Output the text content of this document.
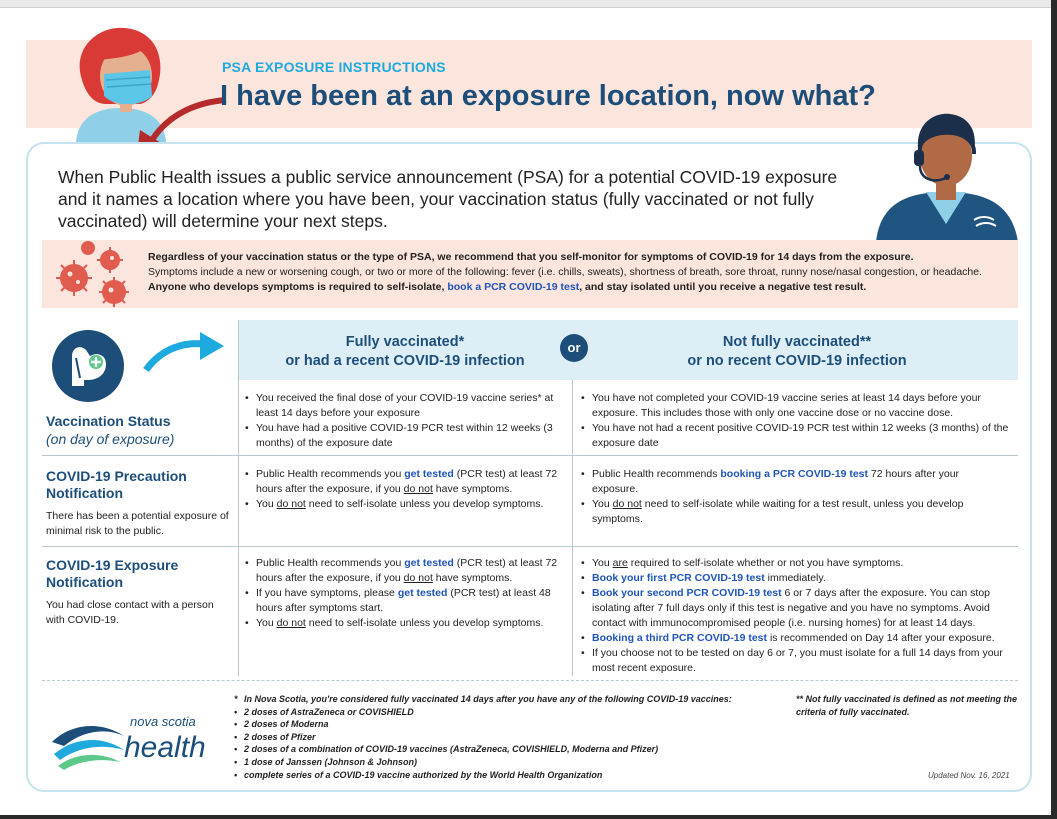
PSA EXPOSURE INSTRUCTIONS
I have been at an exposure location, now what?
When Public Health issues a public service announcement (PSA) for a potential COVID-19 exposure and it names a location where you have been, your vaccination status (fully vaccinated or not fully vaccinated) will determine your next steps.
Regardless of your vaccination status or the type of PSA, we recommend that you self-monitor for symptoms of COVID-19 for 14 days from the exposure.
Symptoms include a new or worsening cough, or two or more of the following: fever (i.e. chills, sweats), shortness of breath, sore throat, runny nose/nasal congestion, or headache. Anyone who develops symptoms is required to self-isolate, book a PCR COVID-19 test, and stay isolated until you receive a negative test result.
Vaccination Status
(on day of exposure)
Fully vaccinated*
or had a recent COVID-19 infection
Not fully vaccinated**
or no recent COVID-19 infection
or
• You received the final dose of your COVID-19 vaccine series* at least 14 days before your exposure
• You have had a positive COVID-19 PCR test within 12 weeks (3 months) of the exposure date
• You have not completed your COVID-19 vaccine series at least 14 days before your exposure. This includes those with only one vaccine dose or no vaccine dose.
• You have not had a recent positive COVID-19 PCR test within 12 weeks (3 months) of the exposure date
COVID-19 Precaution Notification
There has been a potential exposure of minimal risk to the public.
• Public Health recommends you get tested (PCR test) at least 72 hours after the exposure, if you do not have symptoms.
• You do not need to self-isolate unless you develop symptoms.
• Public Health recommends booking a PCR COVID-19 test 72 hours after your exposure.
• You do not need to self-isolate while waiting for a test result, unless you develop symptoms.
COVID-19 Exposure Notification
You had close contact with a person with COVID-19.
• Public Health recommends you get tested (PCR test) at least 72 hours after the exposure, if you do not have symptoms.
• If you have symptoms, please get tested (PCR test) at least 48 hours after symptoms start.
• You do not need to self-isolate unless you develop symptoms.
• You are required to self-isolate whether or not you have symptoms.
• Book your first PCR COVID-19 test immediately.
• Book your second PCR COVID-19 test 6 or 7 days after the exposure. You can stop isolating after 7 full days only if this test is negative and you have no symptoms. Avoid contact with immunocompromised people (i.e. nursing homes) for at least 14 days.
• Booking a third PCR COVID-19 test is recommended on Day 14 after your exposure.
• If you choose not to be tested on day 6 or 7, you must isolate for a full 14 days from your most recent exposure.
nova scotia
health
* In Nova Scotia, you're considered fully vaccinated 14 days after you have any of the following COVID-19 vaccines:
• 2 doses of AstraZeneca or COVISHIELD
• 2 doses of Moderna
• 2 doses of Pfizer
• 2 doses of a combination of COVID-19 vaccines (AstraZeneca, COVISHIELD, Moderna and Pfizer)
• 1 dose of Janssen (Johnson & Johnson)
• complete series of a COVID-19 vaccine authorized by the World Health Organization
** Not fully vaccinated is defined as not meeting the criteria of fully vaccinated.
Updated Nov. 16, 2021
